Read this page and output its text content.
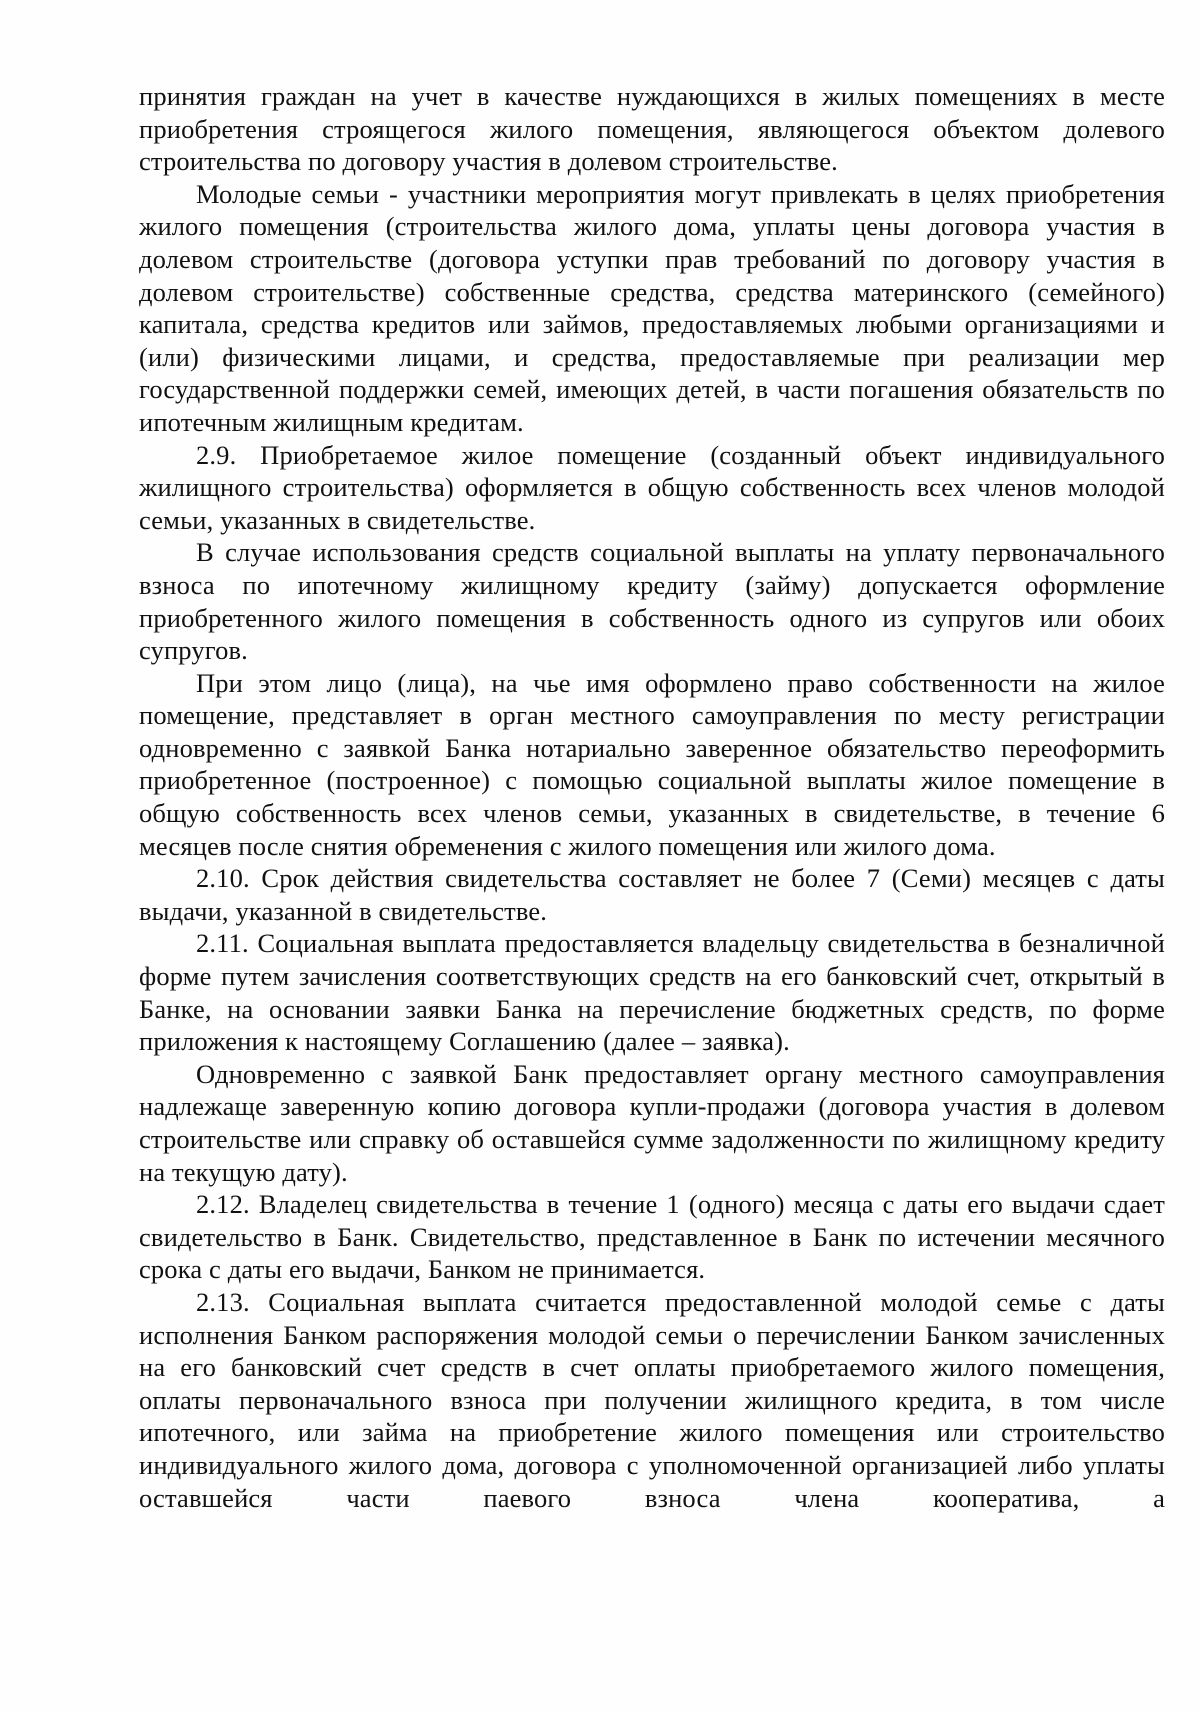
принятия граждан на учет в качестве нуждающихся в жилых помещениях в месте приобретения строящегося жилого помещения, являющегося объектом долевого строительства по договору участия в долевом строительстве.

Молодые семьи - участники мероприятия могут привлекать в целях приобретения жилого помещения (строительства жилого дома, уплаты цены договора участия в долевом строительстве (договора уступки прав требований по договору участия в долевом строительстве) собственные средства, средства материнского (семейного) капитала, средства кредитов или займов, предоставляемых любыми организациями и (или) физическими лицами, и средства, предоставляемые при реализации мер государственной поддержки семей, имеющих детей, в части погашения обязательств по ипотечным жилищным кредитам.

2.9. Приобретаемое жилое помещение (созданный объект индивидуального жилищного строительства) оформляется в общую собственность всех членов молодой семьи, указанных в свидетельстве.

В случае использования средств социальной выплаты на уплату первоначального взноса по ипотечному жилищному кредиту (займу) допускается оформление приобретенного жилого помещения в собственность одного из супругов или обоих супругов.

При этом лицо (лица), на чье имя оформлено право собственности на жилое помещение, представляет в орган местного самоуправления по месту регистрации одновременно с заявкой Банка нотариально заверенное обязательство переоформить приобретенное (построенное) с помощью социальной выплаты жилое помещение в общую собственность всех членов семьи, указанных в свидетельстве, в течение 6 месяцев после снятия обременения с жилого помещения или жилого дома.

2.10. Срок действия свидетельства составляет не более 7 (Семи) месяцев с даты выдачи, указанной в свидетельстве.

2.11. Социальная выплата предоставляется владельцу свидетельства в безналичной форме путем зачисления соответствующих средств на его банковский счет, открытый в Банке, на основании заявки Банка на перечисление бюджетных средств, по форме приложения к настоящему Соглашению (далее – заявка).

Одновременно с заявкой Банк предоставляет органу местного самоуправления надлежаще заверенную копию договора купли-продажи (договора участия в долевом строительстве или справку об оставшейся сумме задолженности по жилищному кредиту на текущую дату).

2.12. Владелец свидетельства в течение 1 (одного) месяца с даты его выдачи сдает свидетельство в Банк. Свидетельство, представленное в Банк по истечении месячного срока с даты его выдачи, Банком не принимается.

2.13. Социальная выплата считается предоставленной молодой семье с даты исполнения Банком распоряжения молодой семьи о перечислении Банком зачисленных на его банковский счет средств в счет оплаты приобретаемого жилого помещения, оплаты первоначального взноса при получении жилищного кредита, в том числе ипотечного, или займа на приобретение жилого помещения или строительство индивидуального жилого дома, договора с уполномоченной организацией либо уплаты оставшейся части паевого взноса члена кооператива, а
